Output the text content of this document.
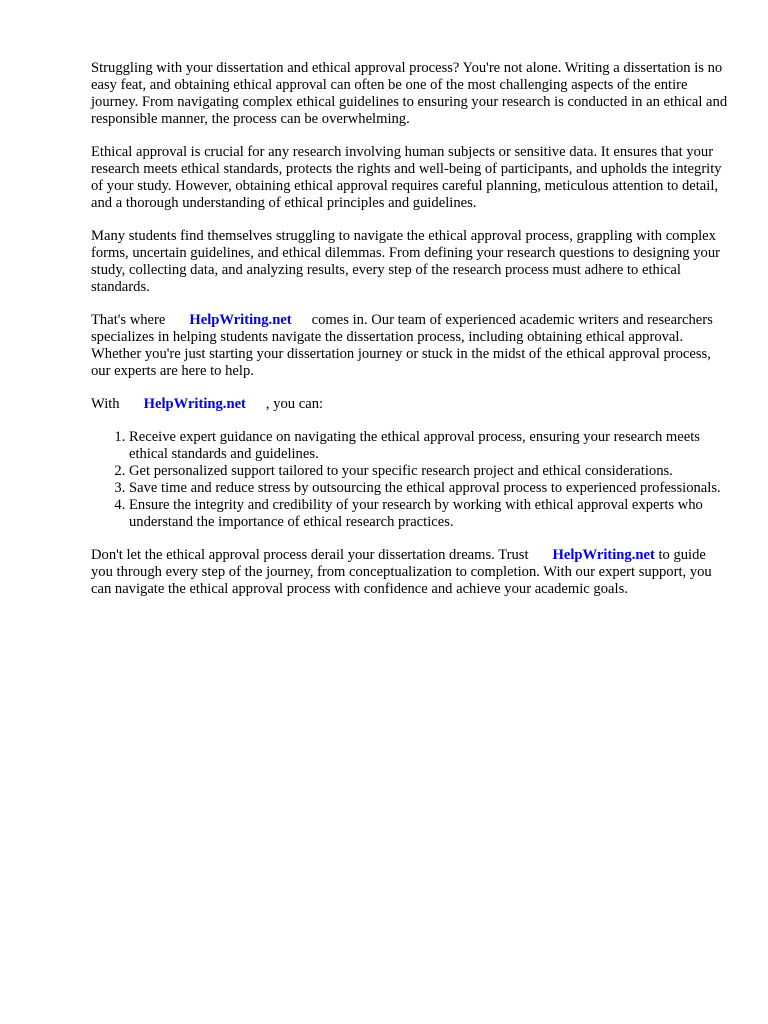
Struggling with your dissertation and ethical approval process? You're not alone. Writing a dissertation is no easy feat, and obtaining ethical approval can often be one of the most challenging aspects of the entire journey. From navigating complex ethical guidelines to ensuring your research is conducted in an ethical and responsible manner, the process can be overwhelming.

Ethical approval is crucial for any research involving human subjects or sensitive data. It ensures that your research meets ethical standards, protects the rights and well-being of participants, and upholds the integrity of your study. However, obtaining ethical approval requires careful planning, meticulous attention to detail, and a thorough understanding of ethical principles and guidelines.

Many students find themselves struggling to navigate the ethical approval process, grappling with complex forms, uncertain guidelines, and ethical dilemmas. From defining your research questions to designing your study, collecting data, and analyzing results, every step of the research process must adhere to ethical standards.

That's where HelpWriting.net comes in. Our team of experienced academic writers and researchers specializes in helping students navigate the dissertation process, including obtaining ethical approval. Whether you're just starting your dissertation journey or stuck in the midst of the ethical approval process, our experts are here to help.

With HelpWriting.net , you can:

1. Receive expert guidance on navigating the ethical approval process, ensuring your research meets ethical standards and guidelines.
2. Get personalized support tailored to your specific research project and ethical considerations.
3. Save time and reduce stress by outsourcing the ethical approval process to experienced professionals.
4. Ensure the integrity and credibility of your research by working with ethical approval experts who understand the importance of ethical research practices.

Don't let the ethical approval process derail your dissertation dreams. Trust HelpWriting.net to guide you through every step of the journey, from conceptualization to completion. With our expert support, you can navigate the ethical approval process with confidence and achieve your academic goals.
